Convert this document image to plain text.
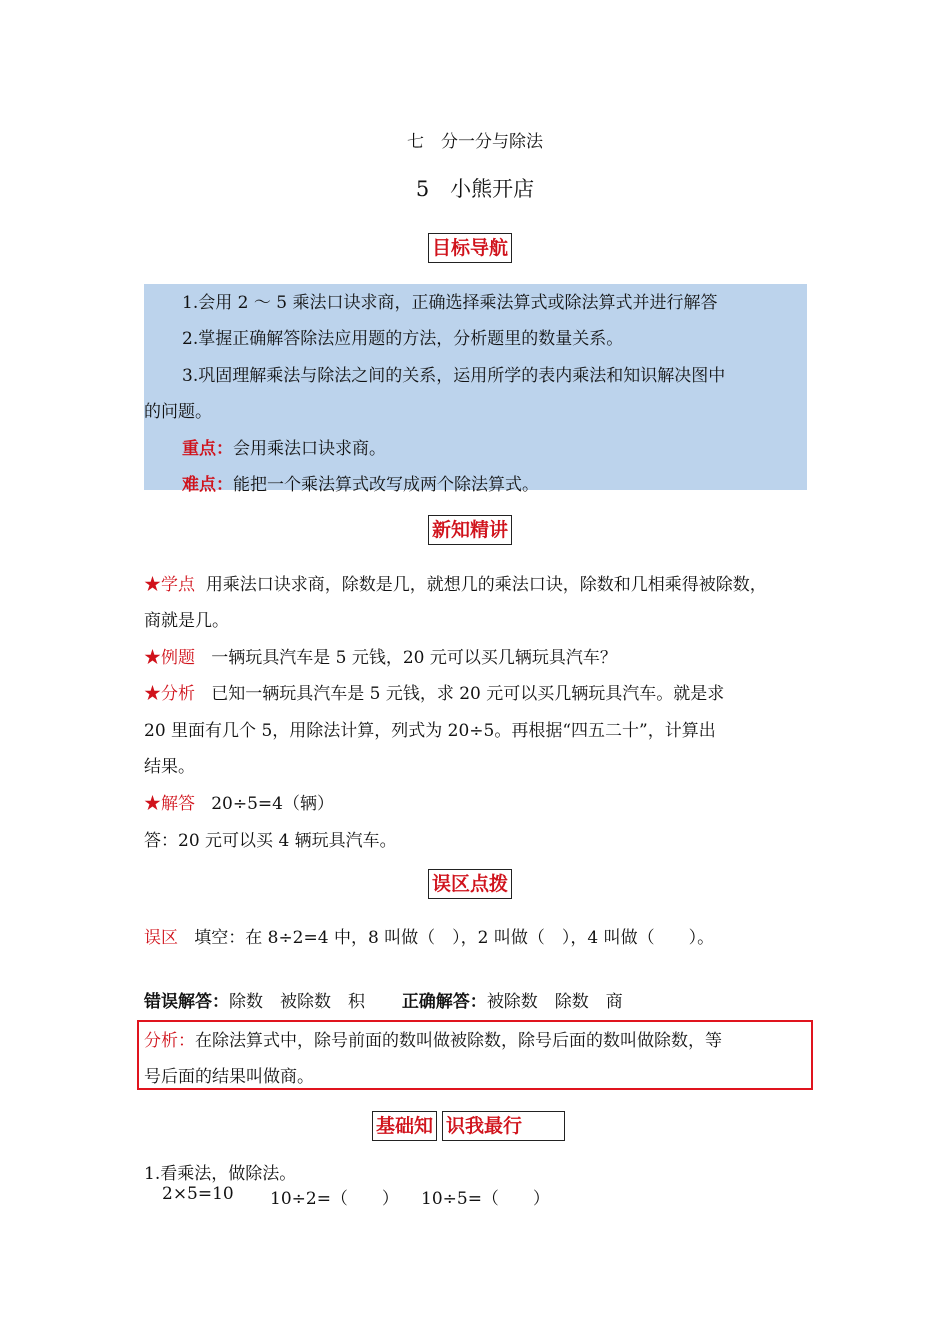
七　分一分与除法
5　小熊开店
目标导航
1.会用 2 ～ 5 乘法口诀求商，正确选择乘法算式或除法算式并进行解答
2.掌握正确解答除法应用题的方法，分析题里的数量关系。
3.巩固理解乘法与除法之间的关系，运用所学的表内乘法和知识解决图中
的问题。
重点：会用乘法口诀求商。
难点：能把一个乘法算式改写成两个除法算式。
新知精讲
★学点 用乘法口诀求商，除数是几，就想几的乘法口诀，除数和几相乘得被除数，
商就是几。
★例题 一辆玩具汽车是 5 元钱，20 元可以买几辆玩具汽车？
★分析 已知一辆玩具汽车是 5 元钱，求 20 元可以买几辆玩具汽车。就是求
20 里面有几个 5，用除法计算，列式为 20÷5。再根据“四五二十”，计算出
结果。
★解答 20÷5=4（辆）
答：20 元可以买 4 辆玩具汽车。
误区点拨
误区 填空：在 8÷2=4 中，8 叫做（　），2 叫做（　），4 叫做（　　）。
错误解答：除数　被除数　积 正确解答：被除数　除数　商
分析：在除法算式中，除号前面的数叫做被除数，除号后面的数叫做除数，等
号后面的结果叫做商。
基础知 识我最行
1.看乘法，做除法。
2×5=10 10÷2=（　　） 10÷5=（　　）
